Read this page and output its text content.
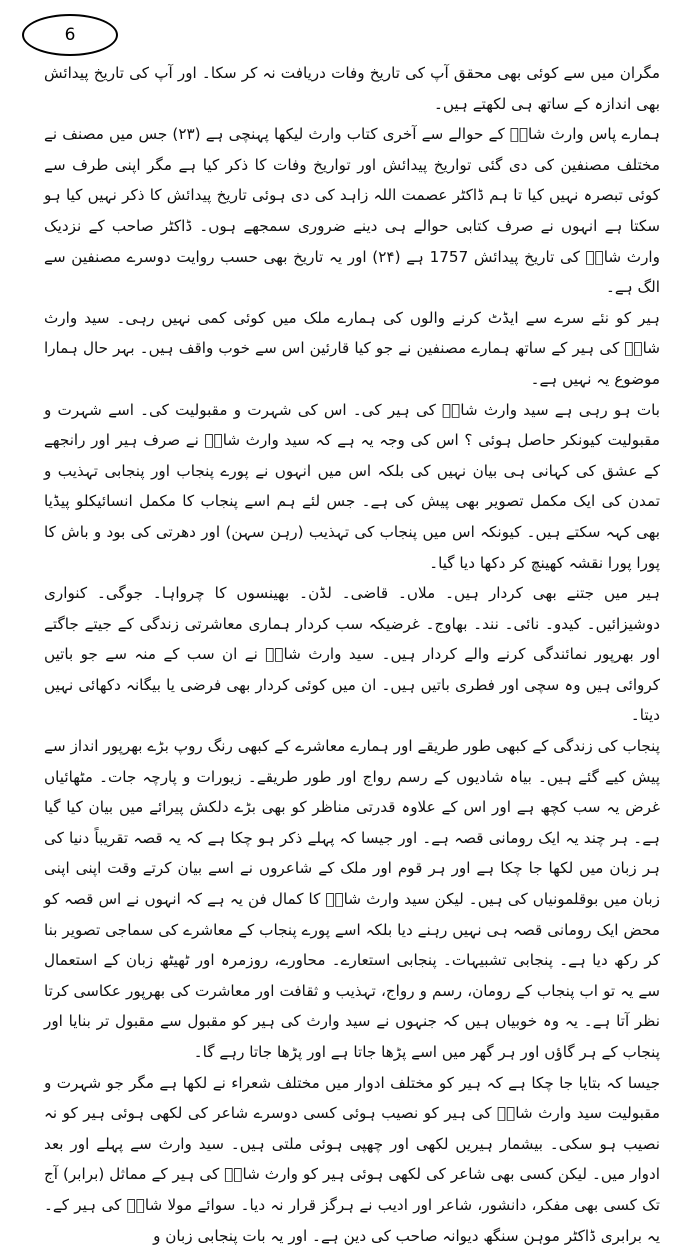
6

مگران میں سے کوئی بھی محقق آپ کی تاریخ وفات دریافت نہ کر سکا۔ اور آپ کی تاریخ پیدائش بھی اندازہ کے ساتھ ہی لکھتے ہیں۔

ہمارے پاس وارث شاہؒ کے حوالے سے آخری کتاب وارث لیکھا پہنچی ہے (۲۳) جس میں مصنف نے مختلف مصنفین کی دی گئی تواریخ پیدائش اور تواریخ وفات کا ذکر کیا ہے مگر اپنی طرف سے کوئی تبصرہ نہیں کیا تا ہم ڈاکٹر عصمت اللہ زاہد کی دی ہوئی تاریخ پیدائش کا ذکر نہیں کیا ہو سکتا ہے انہوں نے صرف کتابی حوالے ہی دینے ضروری سمجھے ہوں۔ ڈاکٹر صاحب کے نزدیک وارث شاہؒ کی تاریخ پیدائش 1757 ہے (۲۴) اور یہ تاریخ بھی حسب روایت دوسرے مصنفین سے الگ ہے۔

ہیر کو نئے سرے سے ایڈٹ کرنے والوں کی ہمارے ملک میں کوئی کمی نہیں رہی۔ سید وارث شاہؒ کی ہیر کے ساتھ ہمارے مصنفین نے جو کیا قارئین اس سے خوب واقف ہیں۔ بہر حال ہمارا موضوع یہ نہیں ہے۔

بات ہو رہی ہے سید وارث شاہؒ کی ہیر کی۔ اس کی شہرت و مقبولیت کی۔ اسے شہرت و مقبولیت کیونکر حاصل ہوئی ؟ اس کی وجہ یہ ہے کہ سید وارث شاہؒ نے صرف ہیر اور رانجھے کے عشق کی کہانی ہی بیان نہیں کی بلکہ اس میں انہوں نے پورے پنجاب اور پنجابی تہذیب و تمدن کی ایک مکمل تصویر بھی پیش کی ہے۔ جس لئے ہم اسے پنجاب کا مکمل انسائیکلو پیڈیا بھی کہہ سکتے ہیں۔ کیونکہ اس میں پنجاب کی تہذیب (رہن سہن) اور دھرتی کی بود و باش کا پورا پورا نقشہ کھینچ کر دکھا دیا گیا۔

ہیر میں جتنے بھی کردار ہیں۔ ملاں۔ قاضی۔ لڈن۔ بھینسوں کا چرواہا۔ جوگی۔ کنواری دوشیزائیں۔ کیدو۔ نائی۔ نند۔ بھاوج۔ غرضیکہ سب کردار ہماری معاشرتی زندگی کے جیتے جاگتے اور بھرپور نمائندگی کرنے والے کردار ہیں۔ سید وارث شاہؒ نے ان سب کے منہ سے جو باتیں کروائی ہیں وہ سچی اور فطری باتیں ہیں۔ ان میں کوئی کردار بھی فرضی یا بیگانہ دکھائی نہیں دیتا۔

پنجاب کی زندگی کے کبھی طور طریقے اور ہمارے معاشرے کے کبھی رنگ روپ بڑے بھرپور انداز سے پیش کیے گئے ہیں۔ بیاہ شادیوں کے رسم رواج اور طور طریقے۔ زیورات و پارچہ جات۔ مٹھائیاں غرض یہ سب کچھ ہے اور اس کے علاوہ قدرتی مناظر کو بھی بڑے دلکش پیرائے میں بیان کیا گیا ہے۔ ہر چند یہ ایک رومانی قصہ ہے۔ اور جیسا کہ پہلے ذکر ہو چکا ہے کہ یہ قصہ تقریباً دنیا کی ہر زبان میں لکھا جا چکا ہے اور ہر قوم اور ملک کے شاعروں نے اسے بیان کرتے وقت اپنی اپنی زبان میں بوقلمونیاں کی ہیں۔ لیکن سید وارث شاہؒ کا کمال فن یہ ہے کہ انہوں نے اس قصہ کو محض ایک رومانی قصہ ہی نہیں رہنے دیا بلکہ اسے پورے پنجاب کے معاشرے کی سماجی تصویر بنا کر رکھ دیا ہے۔ پنجابی تشبیہات۔ پنجابی استعارے۔ محاورے، روزمرہ اور ٹھیٹھ زبان کے استعمال سے یہ تو اب پنجاب کے رومان، رسم و رواج، تہذیب و ثقافت اور معاشرت کی بھرپور عکاسی کرتا نظر آتا ہے۔ یہ وہ خوبیاں ہیں کہ جنہوں نے سید وارث کی ہیر کو مقبول سے مقبول تر بنایا اور پنجاب کے ہر گاؤں اور ہر گھر میں اسے پڑھا جاتا ہے اور پڑھا جاتا رہے گا۔

جیسا کہ بتایا جا چکا ہے کہ ہیر کو مختلف ادوار میں مختلف شعراء نے لکھا ہے مگر جو شہرت و مقبولیت سید وارث شاہؒ کی ہیر کو نصیب ہوئی کسی دوسرے شاعر کی لکھی ہوئی ہیر کو نہ نصیب ہو سکی۔ بیشمار ہیریں لکھی اور چھپی ہوئی ملتی ہیں۔ سید وارث سے پہلے اور بعد ادوار میں۔ لیکن کسی بھی شاعر کی لکھی ہوئی ہیر کو وارث شاہؒ کی ہیر کے مماثل (برابر) آج تک کسی بھی مفکر، دانشور، شاعر اور ادیب نے ہرگز قرار نہ دیا۔ سوائے مولا شاہؒ کی ہیر کے۔ یہ برابری ڈاکٹر موہن سنگھ دیوانہ صاحب کی دین ہے۔ اور یہ بات پنجابی زبان و
